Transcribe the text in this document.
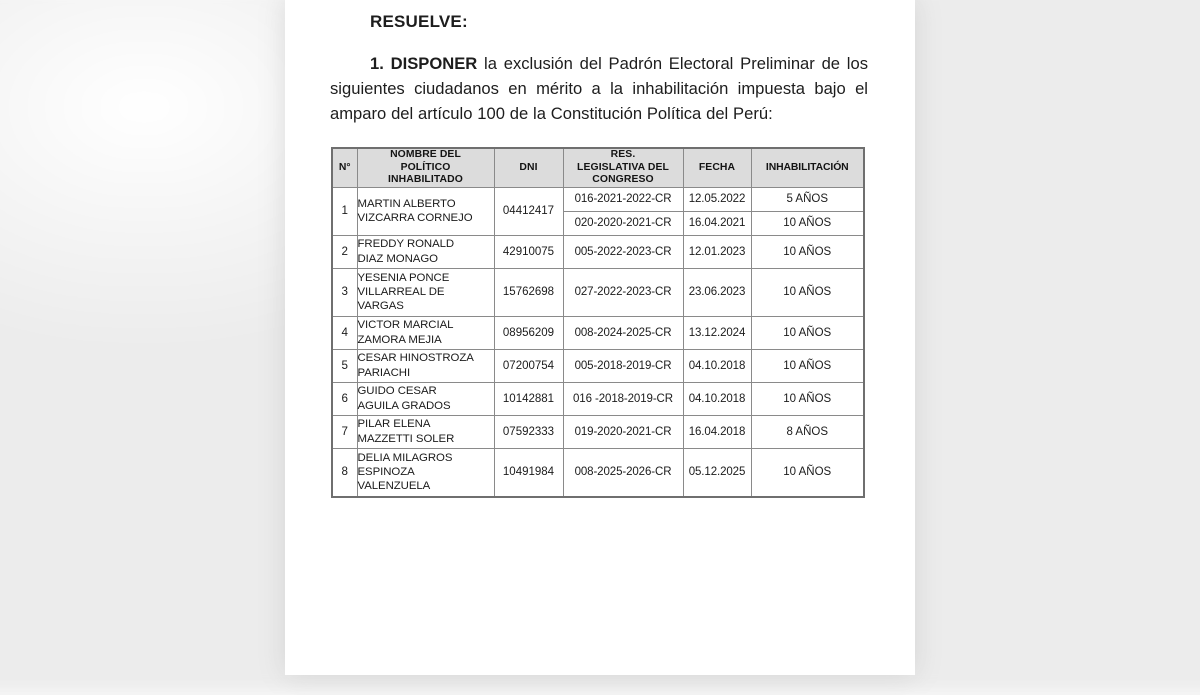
RESUELVE:

1. DISPONER la exclusión del Padrón Electoral Preliminar de los siguientes ciudadanos en mérito a la inhabilitación impuesta bajo el amparo del artículo 100 de la Constitución Política del Perú:

N°	NOMBRE DEL
POLÍTICO
INHABILITADO	DNI	RES.
LEGISLATIVA DEL
CONGRESO	FECHA	INHABILITACIÓN
1	MARTIN ALBERTO
VIZCARRA CORNEJO	04412417	016-2021-2022-CR	12.05.2022	5 AÑOS
			020-2020-2021-CR	16.04.2021	10 AÑOS
2	FREDDY RONALD
DIAZ MONAGO	42910075	005-2022-2023-CR	12.01.2023	10 AÑOS
3	YESENIA PONCE
VILLARREAL DE
VARGAS	15762698	027-2022-2023-CR	23.06.2023	10 AÑOS
4	VICTOR MARCIAL
ZAMORA MEJIA	08956209	008-2024-2025-CR	13.12.2024	10 AÑOS
5	CESAR HINOSTROZA
PARIACHI	07200754	005-2018-2019-CR	04.10.2018	10 AÑOS
6	GUIDO CESAR
AGUILA GRADOS	10142881	016 -2018-2019-CR	04.10.2018	10 AÑOS
7	PILAR ELENA
MAZZETTI SOLER	07592333	019-2020-2021-CR	16.04.2018	8 AÑOS
8	DELIA MILAGROS
ESPINOZA
VALENZUELA	10491984	008-2025-2026-CR	05.12.2025	10 AÑOS
